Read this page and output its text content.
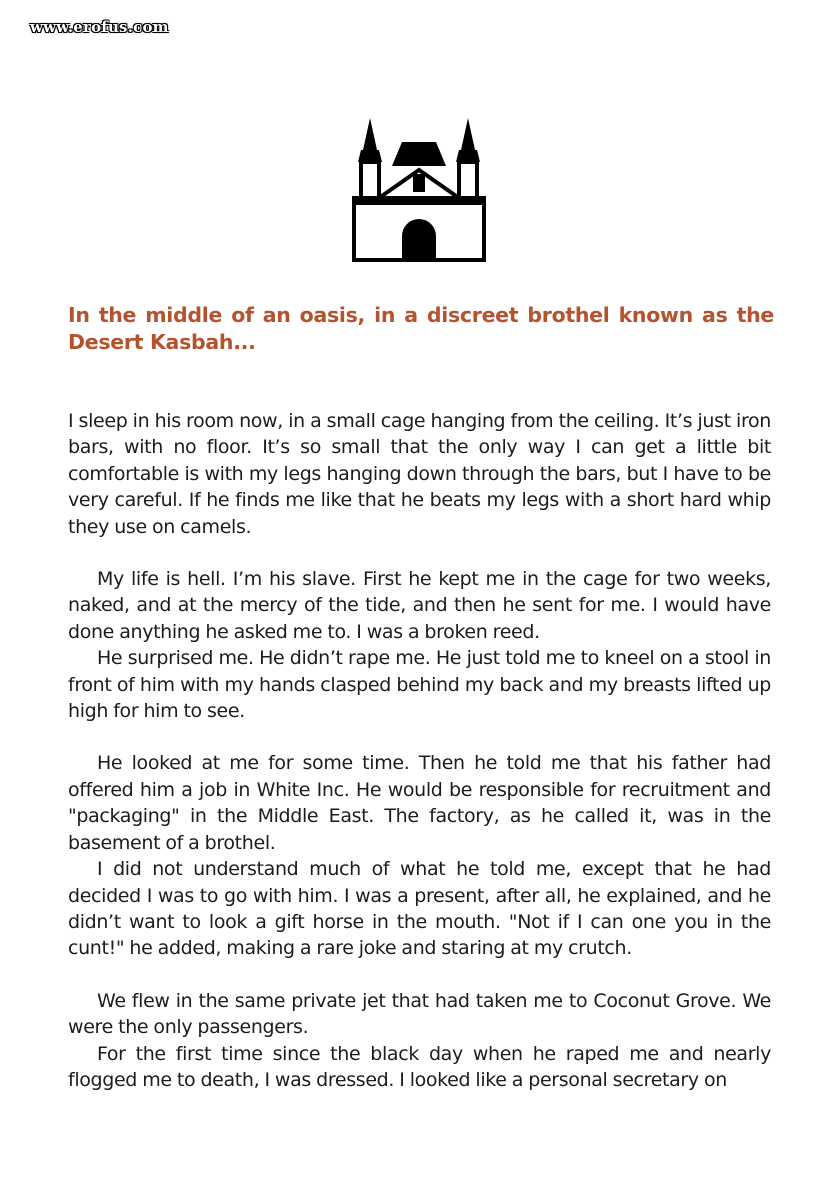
www.erofus.com
In the middle of an oasis, in a discreet brothel known as the Desert Kasbah...

I sleep in his room now, in a small cage hanging from the ceiling. It’s just iron bars, with no floor. It’s so small that the only way I can get a little bit comfortable is with my legs hanging down through the bars, but I have to be very careful. If he finds me like that he beats my legs with a short hard whip they use on camels.

My life is hell. I’m his slave. First he kept me in the cage for two weeks, naked, and at the mercy of the tide, and then he sent for me. I would have done anything he asked me to. I was a broken reed.

He surprised me. He didn’t rape me. He just told me to kneel on a stool in front of him with my hands clasped behind my back and my breasts lifted up high for him to see.

He looked at me for some time. Then he told me that his father had offered him a job in White Inc. He would be responsible for recruitment and "packaging" in the Middle East. The factory, as he called it, was in the basement of a brothel.

I did not understand much of what he told me, except that he had decided I was to go with him. I was a present, after all, he explained, and he didn’t want to look a gift horse in the mouth. "Not if I can one you in the cunt!" he added, making a rare joke and staring at my crutch.

We flew in the same private jet that had taken me to Coconut Grove. We were the only passengers.

For the first time since the black day when he raped me and nearly flogged me to death, I was dressed. I looked like a personal secretary on
